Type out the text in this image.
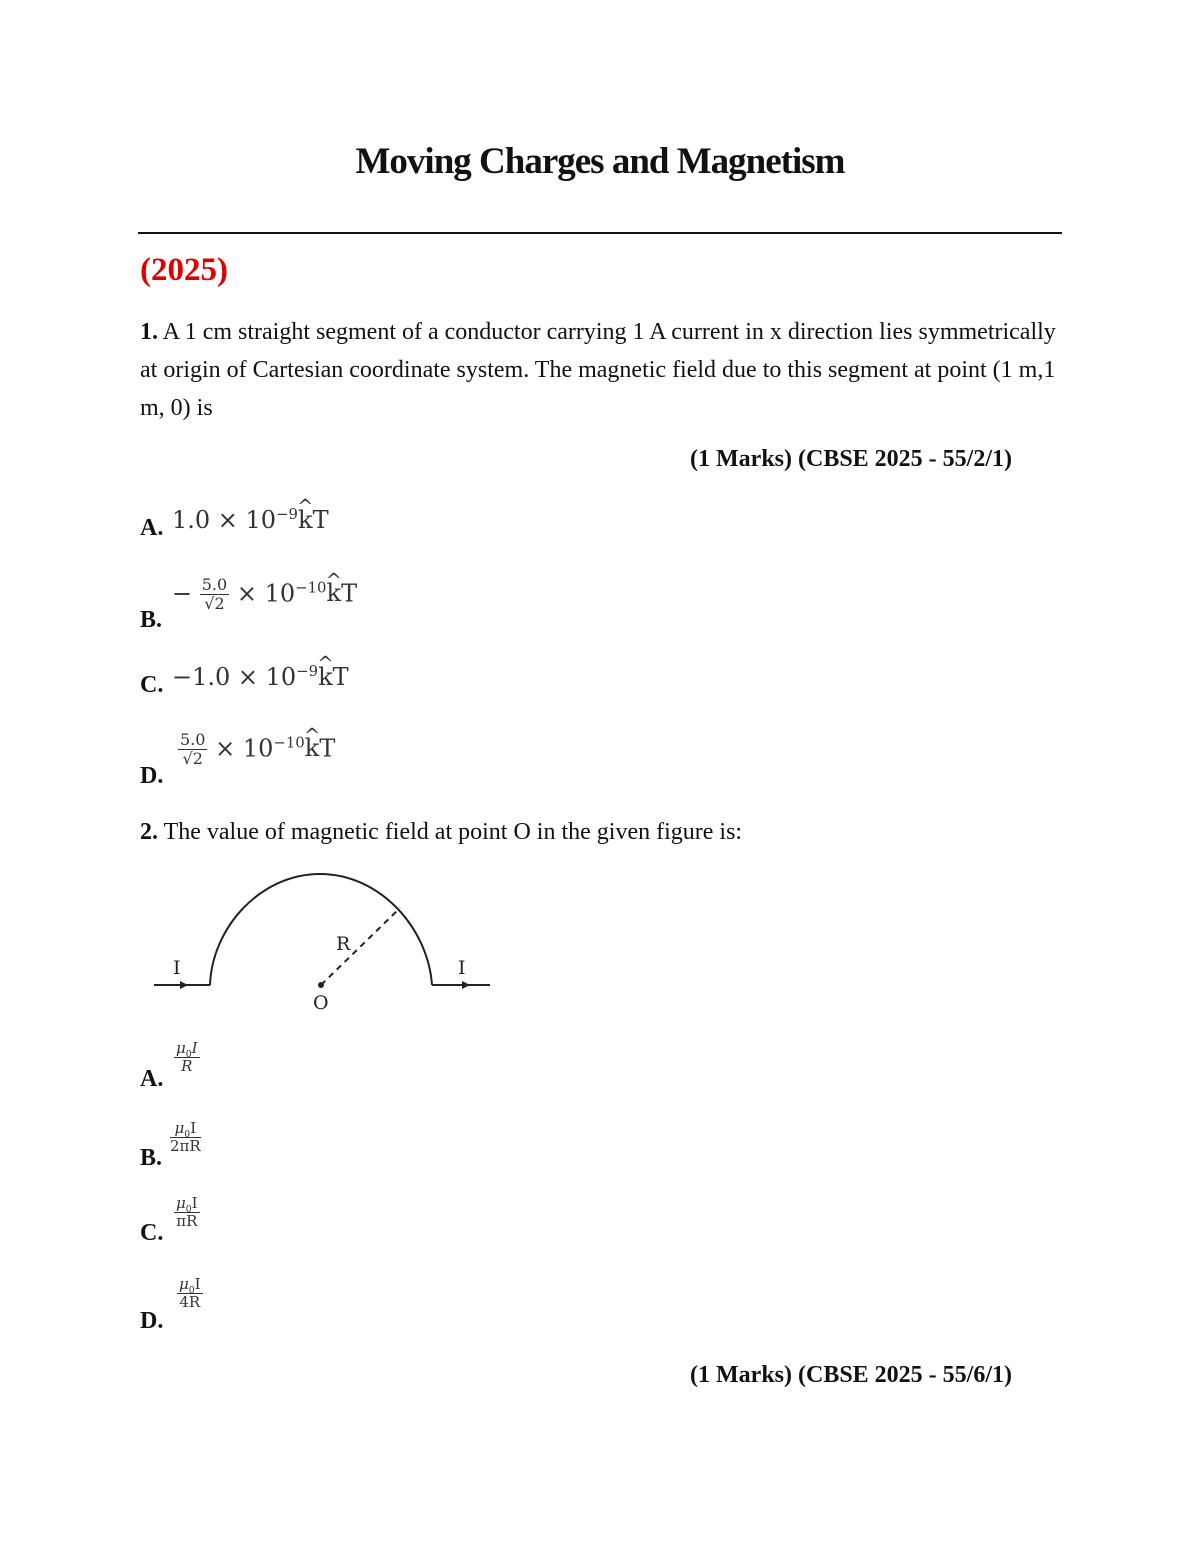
Moving Charges and Magnetism
(2025)
1. A 1 cm straight segment of a conductor carrying 1 A current in x direction lies symmetrically at origin of Cartesian coordinate system. The magnetic field due to this segment at point (1 m,1 m, 0) is
(1 Marks) (CBSE 2025 - 55/2/1)
A. $1.0 \times 10^{-9}\^{}$ kT
B.
− $\frac{5.0}{√2}$ × $10^{-10}\^{}$ kT
C. $-1.0 \times 10^{-9}\^{}$ kT
D.
$\frac{5.0}{√2}$ × $10^{-10}\^{}$ kT
2. The value of magnetic field at point O in the given figure is:
I	I
R
O
A.
$\frac{\mu_0I}{R}$
B.
$\frac{\mu_0I}{2\pi R}$
C.
$\frac{\mu_0I}{\pi R}$
D.
$\frac{\mu_0I}{4R}$
(1 Marks) (CBSE 2025 - 55/6/1)
